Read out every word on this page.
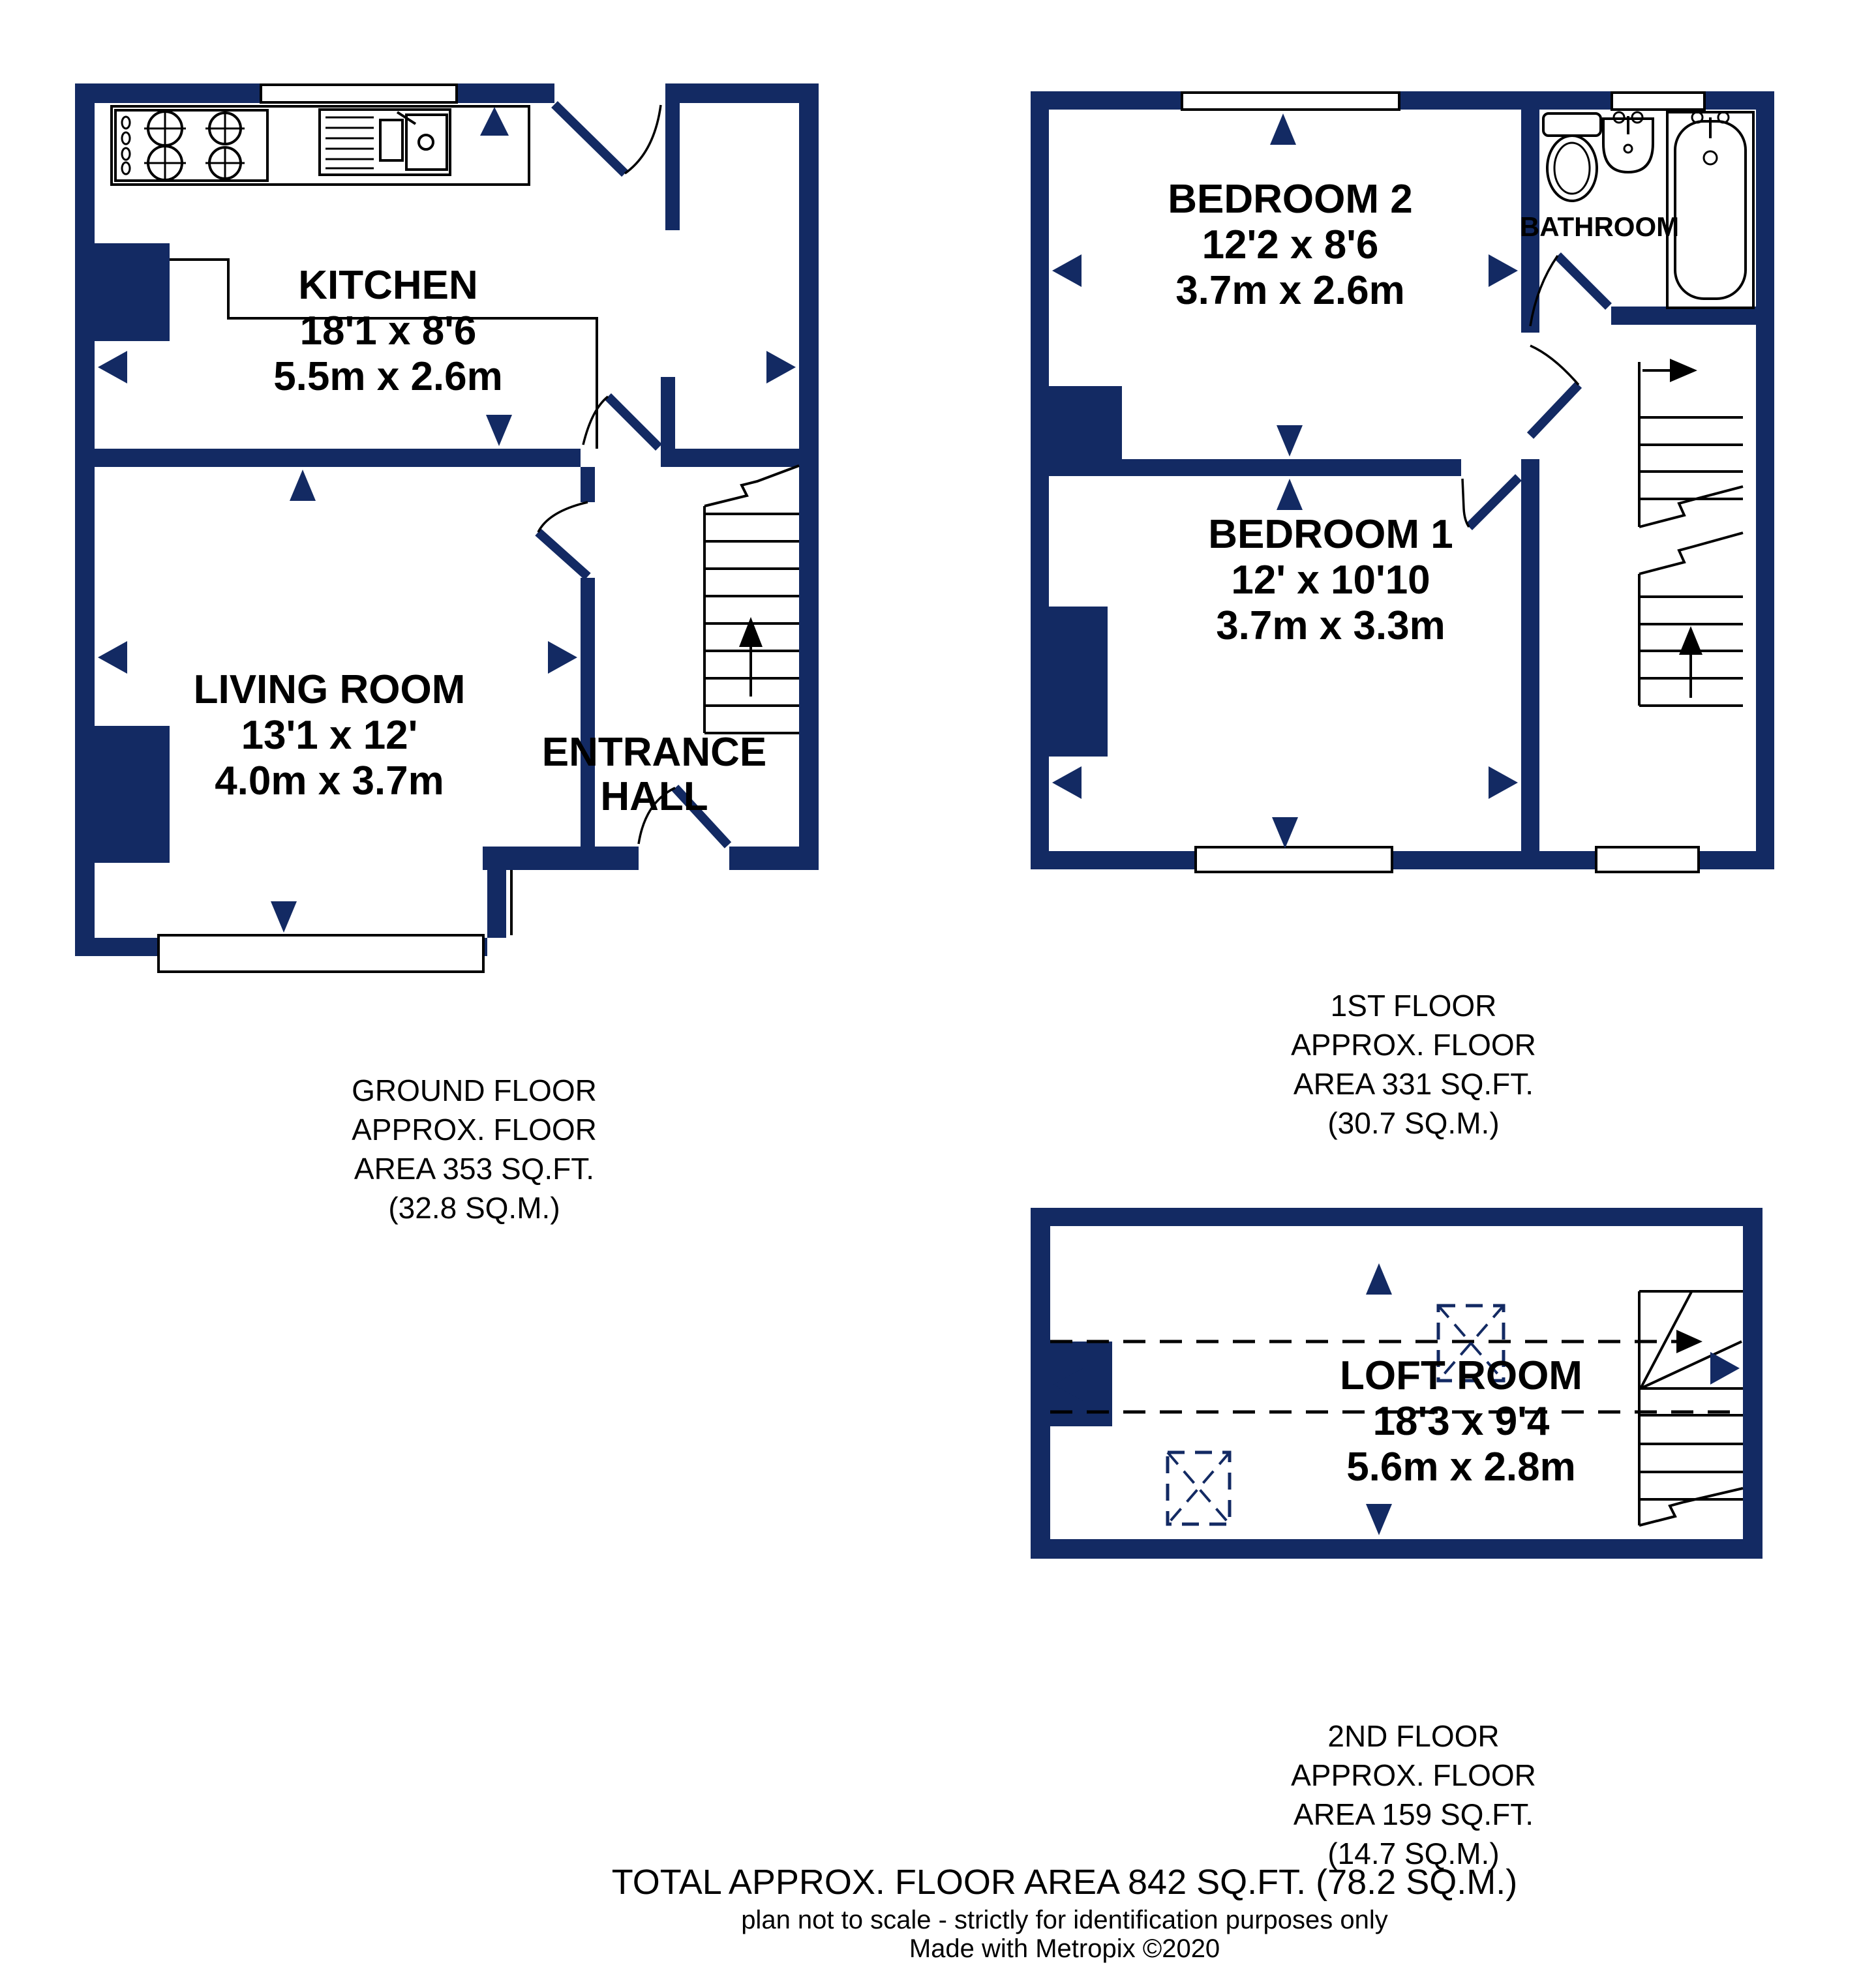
KITCHEN
18'1 x 8'6
5.5m x 2.6m
LIVING ROOM
13'1 x 12'
4.0m x 3.7m
ENTRANCE
HALL
BEDROOM 2
12'2 x 8'6
3.7m x 2.6m
BATHROOM
BEDROOM 1
12' x 10'10
3.7m x 3.3m
LOFT ROOM
18'3 x 9'4
5.6m x 2.8m
GROUND FLOOR
APPROX. FLOOR
AREA 353 SQ.FT.
(32.8 SQ.M.)
1ST FLOOR
APPROX. FLOOR
AREA 331 SQ.FT.
(30.7 SQ.M.)
2ND FLOOR
APPROX. FLOOR
AREA 159 SQ.FT.
(14.7 SQ.M.)
TOTAL APPROX. FLOOR AREA 842 SQ.FT. (78.2 SQ.M.)
plan not to scale - strictly for identification purposes only
Made with Metropix ©2020
